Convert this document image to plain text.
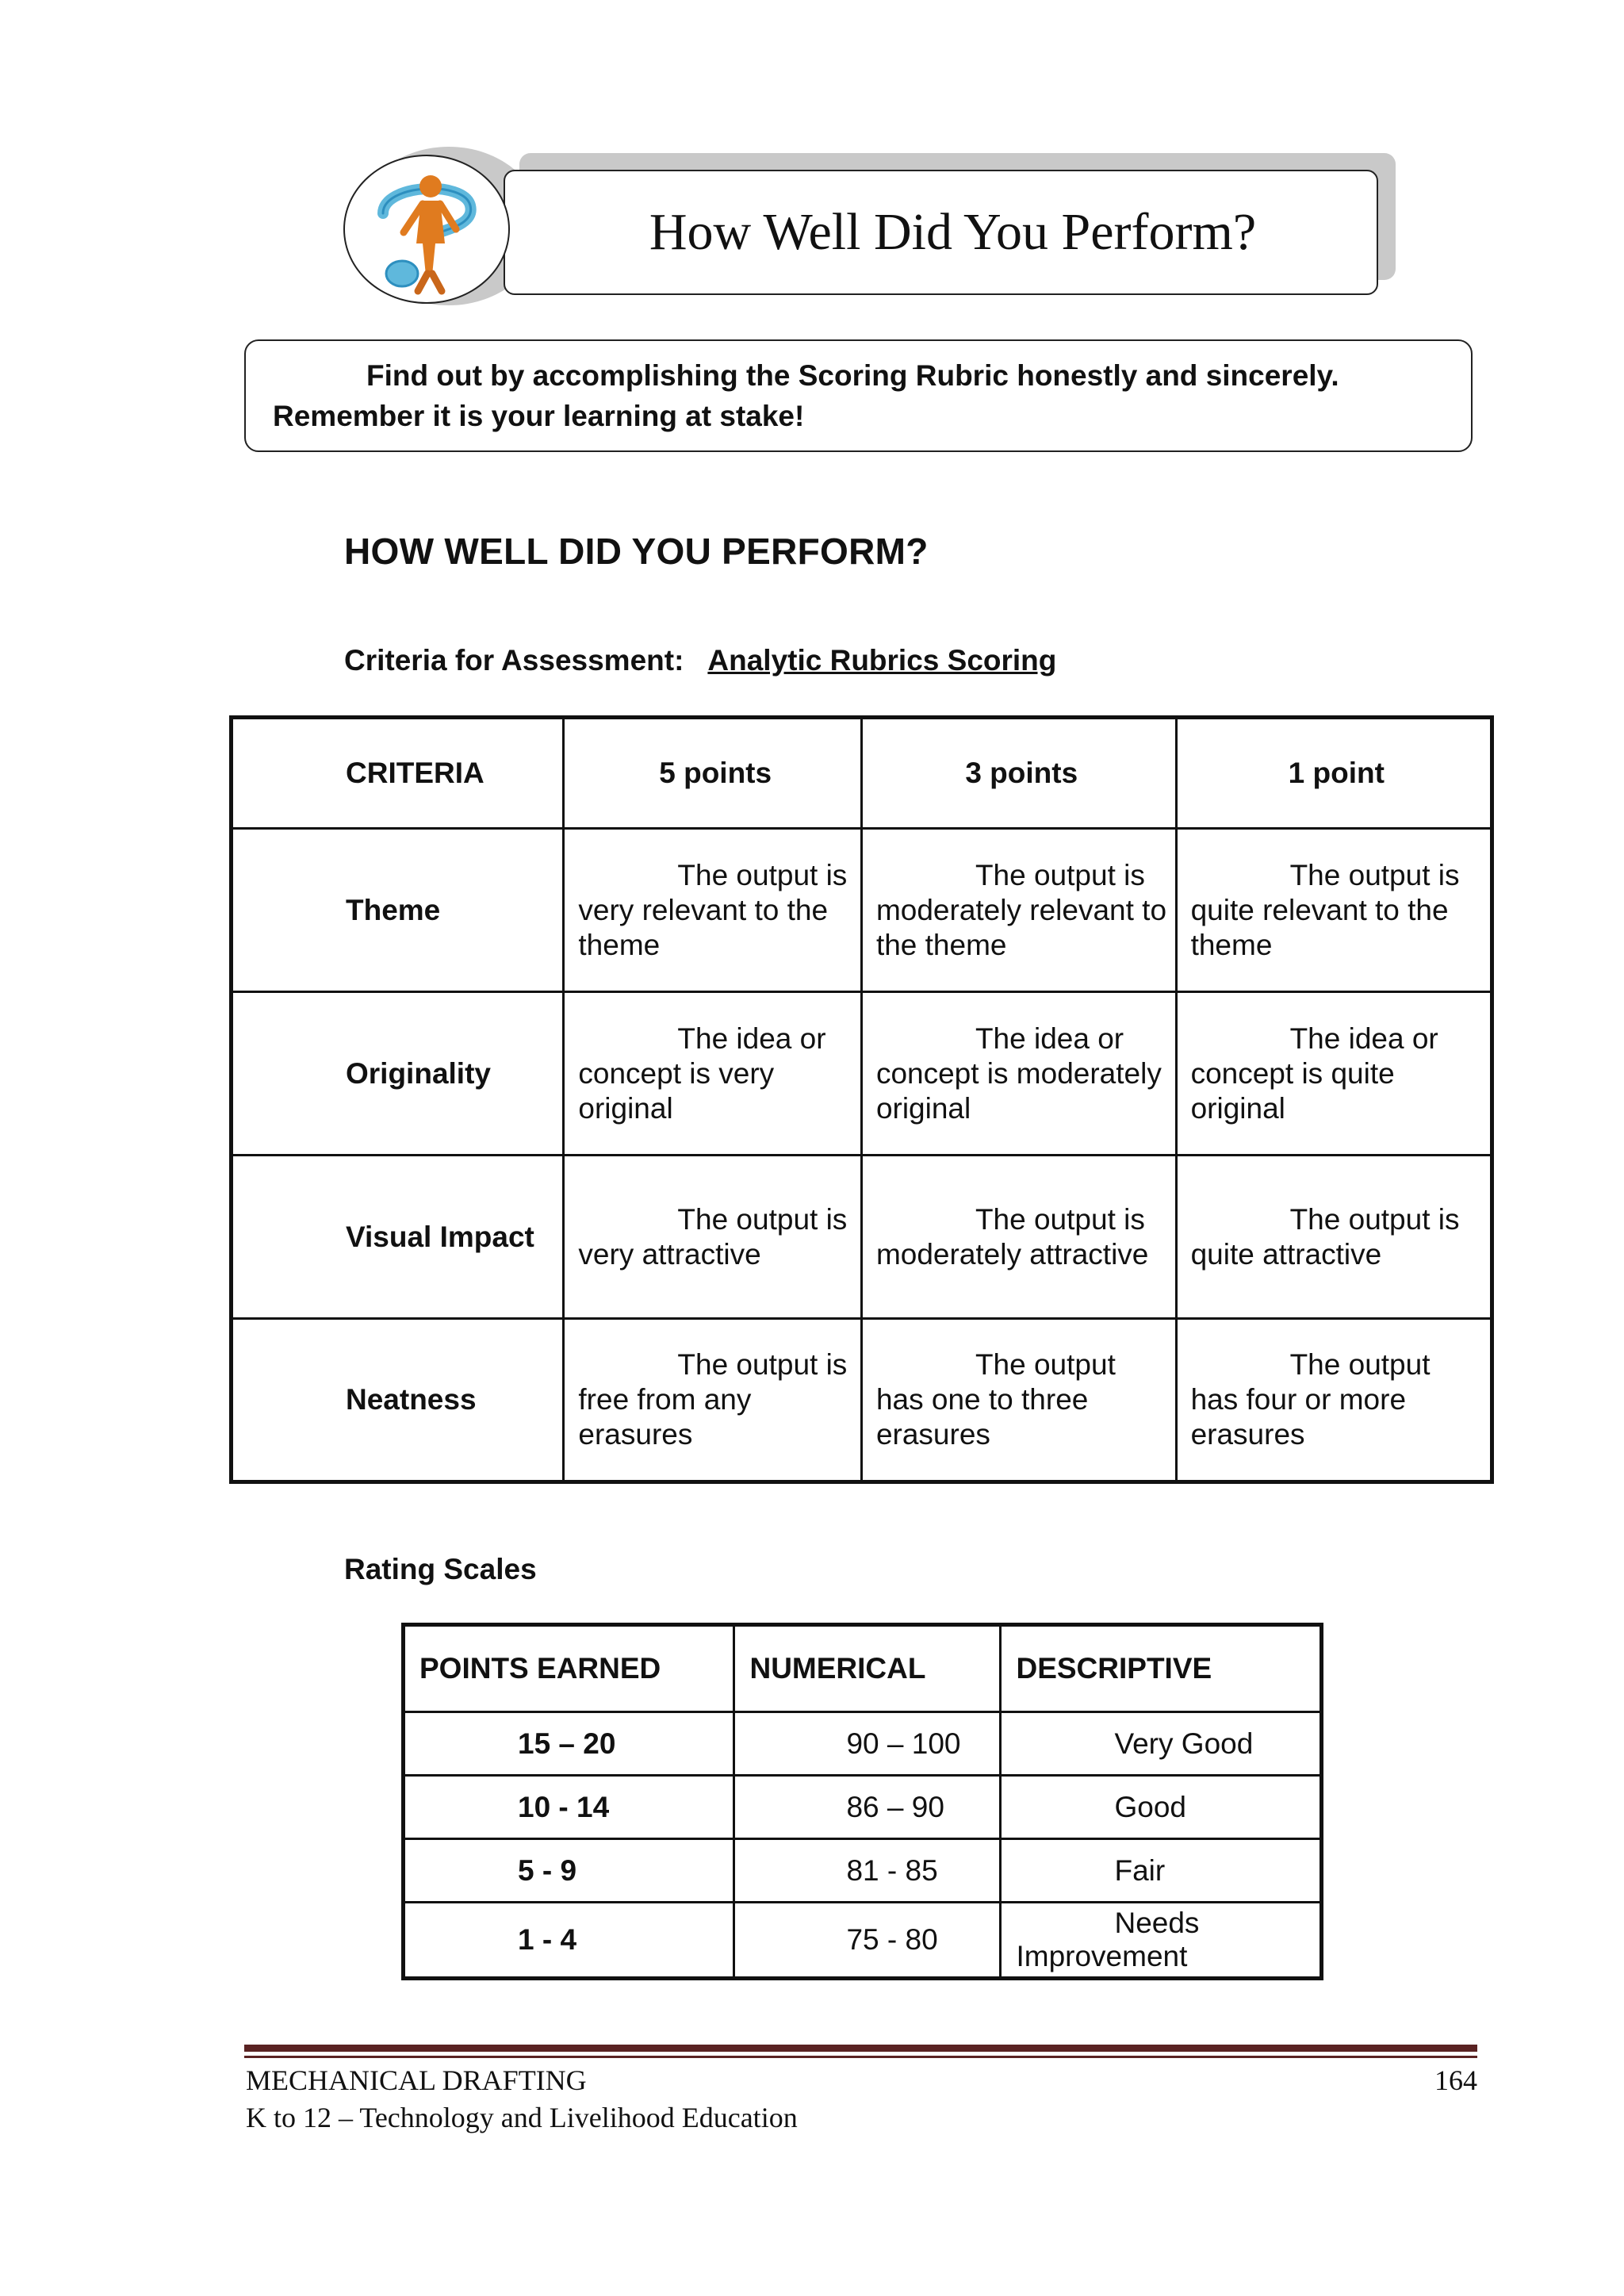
How Well Did You Perform?
Find out by accomplishing the Scoring Rubric honestly and sincerely.
Remember it is your learning at stake!
HOW WELL DID YOU PERFORM?
Criteria for Assessment: Analytic Rubrics Scoring
CRITERIA	5 points	3 points	1 point
Theme	The output is very relevant to the theme	The output is moderately relevant to the theme	The output is quite relevant to the theme
Originality	The idea or concept is very original	The idea or concept is moderately original	The idea or concept is quite original
Visual Impact	The output is very attractive	The output is moderately attractive	The output is quite attractive
Neatness	The output is free from any erasures	The output has one to three erasures	The output has four or more erasures
Rating Scales
POINTS EARNED	NUMERICAL	DESCRIPTIVE
15 – 20	90 – 100	Very Good
10 - 14	86 – 90	Good
5 - 9	81 - 85	Fair
1 - 4	75 - 80	Needs
Improvement
MECHANICAL DRAFTING
K to 12 – Technology and Livelihood Education
164
